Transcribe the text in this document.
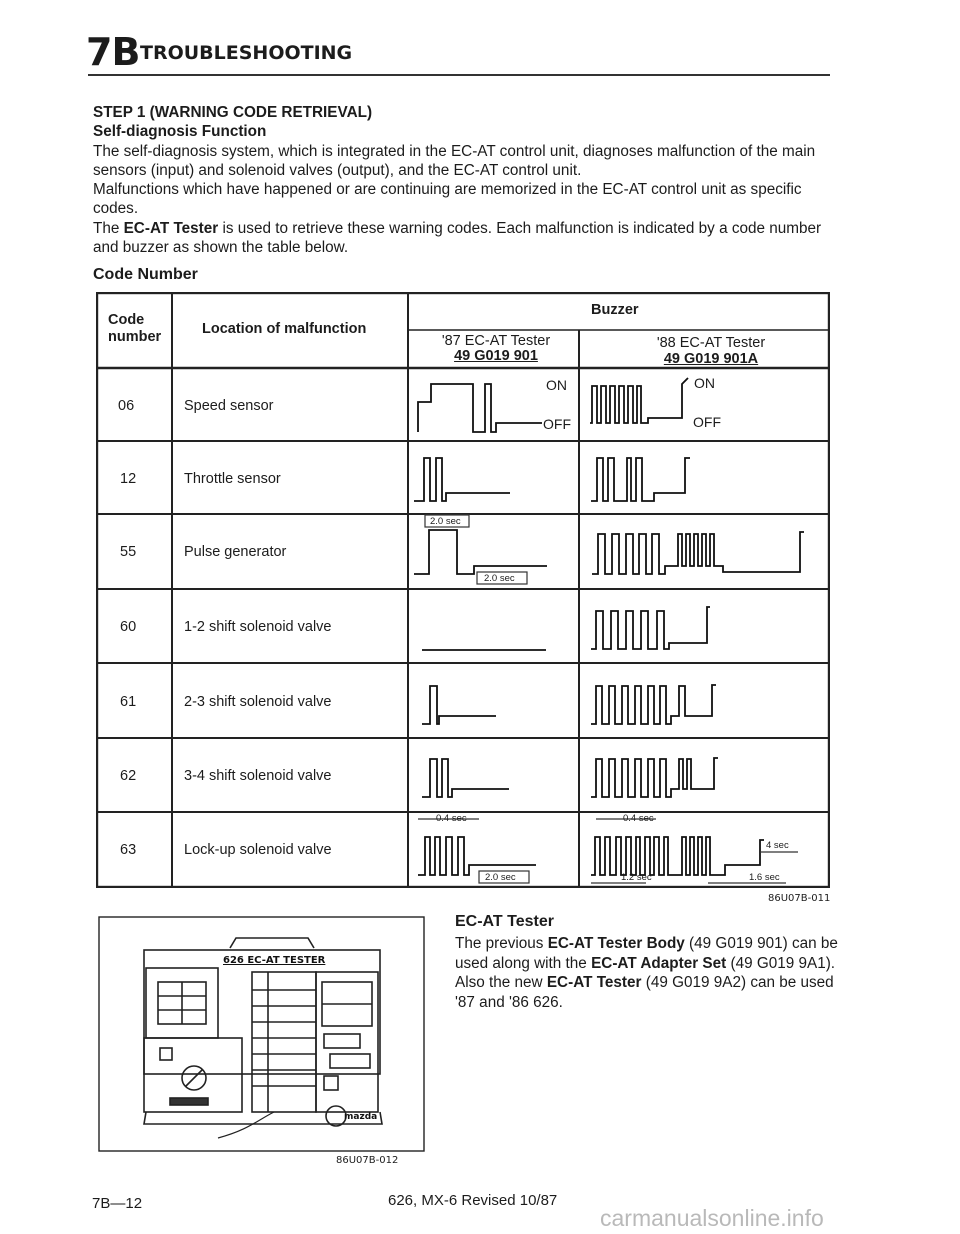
7B TROUBLESHOOTING

STEP 1 (WARNING CODE RETRIEVAL)

Self-diagnosis Function

The self-diagnosis system, which is integrated in the EC-AT control unit, diagnoses malfunction of the main sensors (input) and solenoid valves (output), and the EC-AT control unit.

Malfunctions which have happened or are continuing are memorized in the EC-AT control unit as specific codes.

The EC-AT Tester is used to retrieve these warning codes. Each malfunction is indicated by a code number and buzzer as shown the table below.

Code Number
Code number	Location of malfunction
Buzzer
'87 EC-AT Tester
49 G019 901
'88 EC-AT Tester
49 G019 901A
06	Speed sensor
12	Throttle sensor
55	Pulse generator
60	1-2 shift solenoid valve
61	2-3 shift solenoid valve
62	3-4 shift solenoid valve
63	Lock-up solenoid valve
ON
OFF
ON
OFF
2.0 sec
2.0 sec
0.4 sec	0.4 sec
2.0 sec	1.2 sec
4 sec
1.6 sec
86U07B-011
626 EC-AT TESTER
mazda
86U07B-012
EC-AT Tester
The previous EC-AT Tester Body (49 G019 901) can be used along with the EC-AT Adapter Set (49 G019 9A1). Also the new EC-AT Tester (49 G019 9A2) can be used '87 and '86 626.
7B—12	626, MX-6 Revised 10/87
carmanualsonline.info
